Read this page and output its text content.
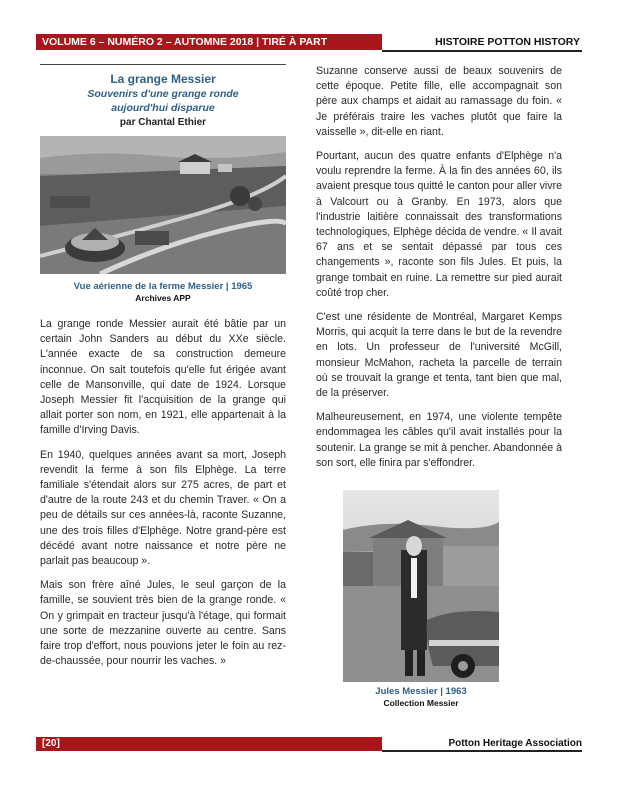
VOLUME 6 – NUMÉRO 2 – AUTOMNE 2018 | TIRÉ À PART	HISTOIRE POTTON HISTORY
La grange Messier
Souvenirs d'une grange ronde
aujourd'hui disparue
par Chantal Ethier
Vue aérienne de la ferme Messier | 1965
Archives APP

La grange ronde Messier aurait été bâtie par un certain John Sanders au début du XXe siècle. L'année exacte de sa construction demeure inconnue. On sait toutefois qu'elle fut érigée avant celle de Mansonville, qui date de 1924. Lorsque Joseph Messier fit l'acquisition de la grange qui allait porter son nom, en 1921, elle appartenait à la famille d'Irving Davis.

En 1940, quelques années avant sa mort, Joseph revendit la ferme à son fils Elphège. La terre familiale s'étendait alors sur 275 acres, de part et d'autre de la route 243 et du chemin Traver. « On a peu de détails sur ces années-là, raconte Suzanne, une des trois filles d'Elphège. Notre grand-père est décédé avant notre naissance et notre père ne parlait pas beaucoup ».

Mais son frère aîné Jules, le seul garçon de la famille, se souvient très bien de la grange ronde. « On y grimpait en tracteur jusqu'à l'étage, qui formait une sorte de mezzanine ouverte au centre. Sans faire trop d'effort, nous pouvions jeter le foin au rez-de-chaussée, pour nourrir les vaches. »

Suzanne conserve aussi de beaux souvenirs de cette époque. Petite fille, elle accompagnait son père aux champs et aidait au ramassage du foin. « Je préférais traire les vaches plutôt que faire la vaisselle », dit-elle en riant.

Pourtant, aucun des quatre enfants d'Elphège n'a voulu reprendre la ferme. À la fin des années 60, ils avaient presque tous quitté le canton pour aller vivre à Valcourt ou à Granby. En 1973, alors que l'industrie laitière connaissait des transformations technologiques, Elphège décida de vendre. « Il avait 67 ans et se sentait dépassé par tous ces changements », raconte son fils Jules. Et puis, la grange tombait en ruine. La remettre sur pied aurait coûté trop cher.

C'est une résidente de Montréal, Margaret Kemps Morris, qui acquit la terre dans le but de la revendre en lots. Un professeur de l'université McGill, monsieur McMahon, racheta la parcelle de terrain où se trouvait la grange et tenta, tant bien que mal, de la préserver.

Malheureusement, en 1974, une violente tempête endommagea les câbles qu'il avait installés pour la soutenir. La grange se mit à pencher. Abandonnée à son sort, elle finira par s'effondrer.

Jules Messier | 1963
Collection Messier
[20]	Potton Heritage Association
